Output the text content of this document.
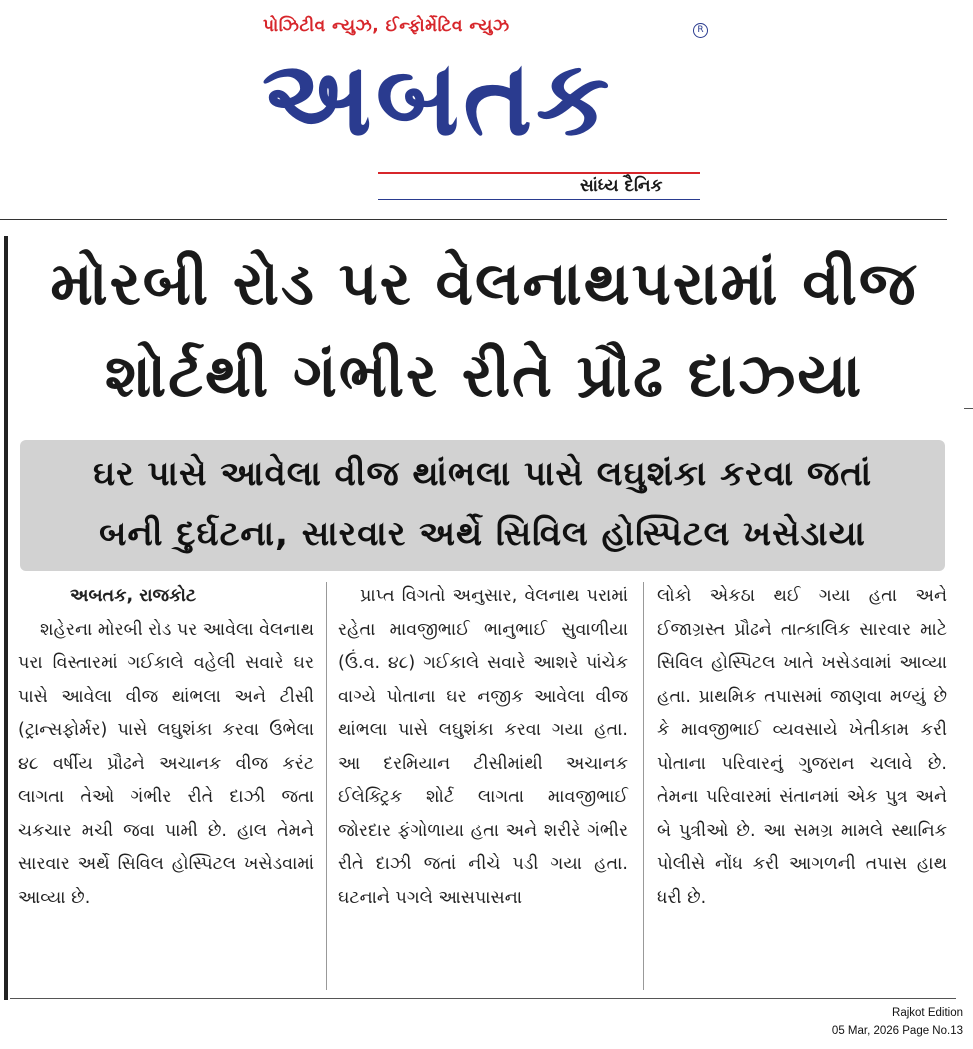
પોઝિટીવ ન્યુઝ, ઈન્ફોર્મેટિવ ન્યુઝ	R
અબતક
સાંધ્ય દૈનિક
મોરબી રોડ પર વેલનાથપરામાં વીજ
શોર્ટથી ગંભીર રીતે પ્રૌઢ દાઝ્યા
ઘર પાસે આવેલા વીજ થાંભલા પાસે લઘુશંકા કરવા જતાં
બની દુર્ઘટના, સારવાર અર્થે સિવિલ હોસ્પિટલ ખસેડાયા

અબતક, રાજકોટ

શહેરના મોરબી રોડ પર આવેલા વેલનાથ પરા વિસ્તારમાં ગઈકાલે વહેલી સવારે ઘર પાસે આવેલા વીજ થાંભલા અને ટીસી (ટ્રાન્સફોર્મર) પાસે લઘુશંકા કરવા ઉભેલા ૪૮ વર્ષીય પ્રૌઢને અચાનક વીજ કરંટ લાગતા તેઓ ગંભીર રીતે દાઝી જતા ચકચાર મચી જવા પામી છે. હાલ તેમને સારવાર અર્થે સિવિલ હોસ્પિટલ ખસેડવામાં આવ્યા છે.

પ્રાપ્ત વિગતો અનુસાર, વેલનાથ પરામાં રહેતા માવજીભાઈ ભાનુભાઈ સુવાળીયા (ઉં.વ. ૪૮) ગઈકાલે સવારે આશરે પાંચેક વાગ્યે પોતાના ઘર નજીક આવેલા વીજ થાંભલા પાસે લઘુશંકા કરવા ગયા હતા. આ દરમિયાન ટીસીમાંથી અચાનક ઈલેક્ટ્રિક શોર્ટ લાગતા માવજીભાઈ જોરદાર ફંગોળાયા હતા અને શરીરે ગંભીર રીતે દાઝી જતાં નીચે પડી ગયા હતા. ઘટનાને પગલે આસપાસના

લોકો એકઠા થઈ ગયા હતા અને ઈજાગ્રસ્ત પ્રૌઢને તાત્કાલિક સારવાર માટે સિવિલ હોસ્પિટલ ખાતે ખસેડવામાં આવ્યા હતા. પ્રાથમિક તપાસમાં જાણવા મળ્યું છે કે માવજીભાઈ વ્યવસાયે ખેતીકામ કરી પોતાના પરિવારનું ગુજરાન ચલાવે છે. તેમના પરિવારમાં સંતાનમાં એક પુત્ર અને બે પુત્રીઓ છે. આ સમગ્ર મામલે સ્થાનિક પોલીસે નોંધ કરી આગળની તપાસ હાથ ધરી છે.

Rajkot Edition
05 Mar, 2026 Page No.13
